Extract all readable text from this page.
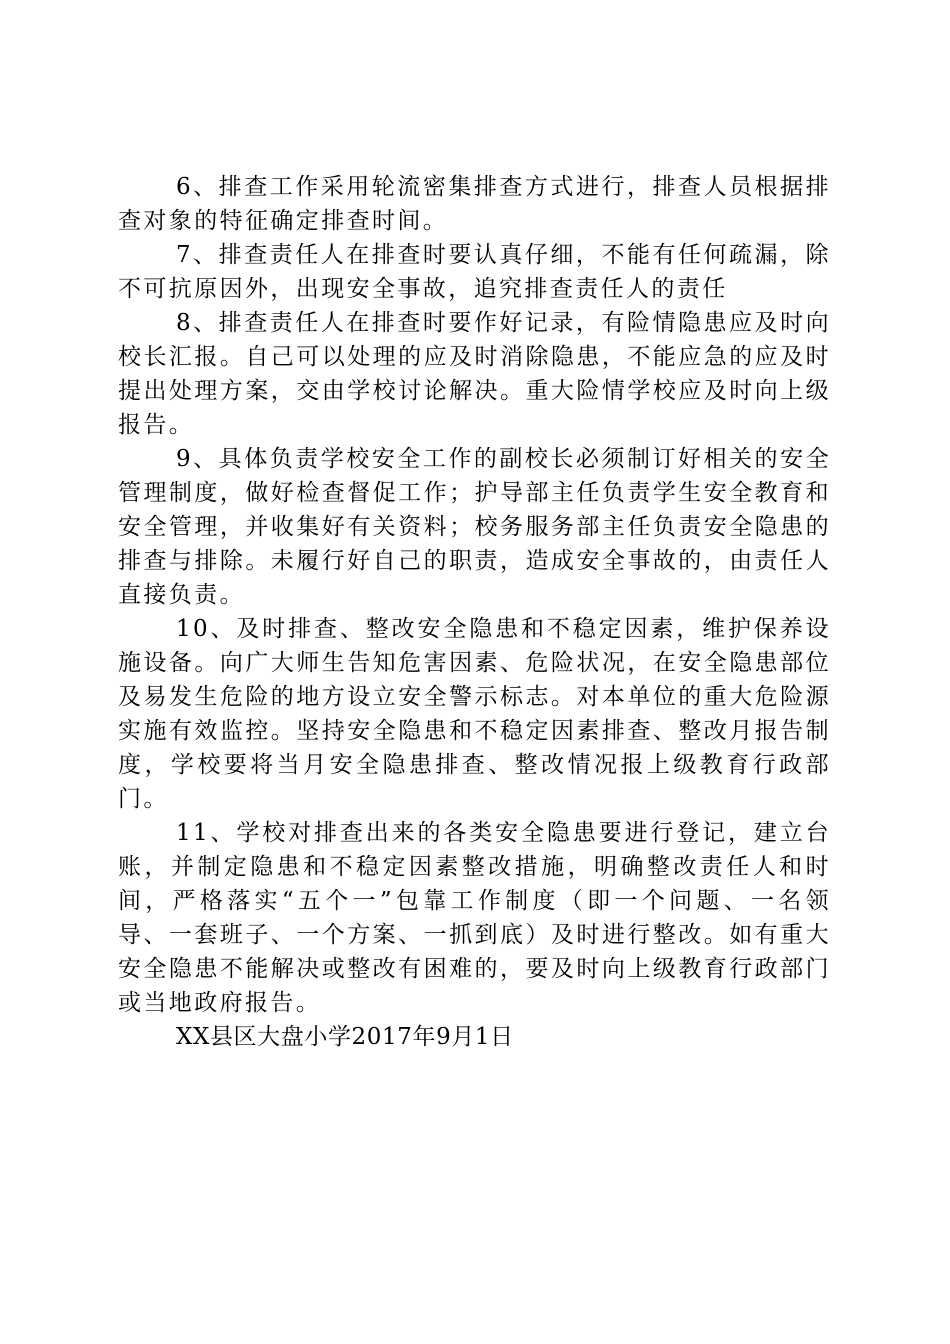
6、排查工作采用轮流密集排查方式进行，排查人员根据排查对象的特征确定排查时间。

7、排查责任人在排查时要认真仔细，不能有任何疏漏，除不可抗原因外，出现安全事故，追究排查责任人的责任

8、排查责任人在排查时要作好记录，有险情隐患应及时向校长汇报。自己可以处理的应及时消除隐患，不能应急的应及时提出处理方案，交由学校讨论解决。重大险情学校应及时向上级报告。

9、具体负责学校安全工作的副校长必须制订好相关的安全管理制度，做好检查督促工作；护导部主任负责学生安全教育和安全管理，并收集好有关资料；校务服务部主任负责安全隐患的排查与排除。未履行好自己的职责，造成安全事故的，由责任人直接负责。

10、及时排查、整改安全隐患和不稳定因素，维护保养设施设备。向广大师生告知危害因素、危险状况，在安全隐患部位及易发生危险的地方设立安全警示标志。对本单位的重大危险源实施有效监控。坚持安全隐患和不稳定因素排查、整改月报告制度，学校要将当月安全隐患排查、整改情况报上级教育行政部门。

11、学校对排查出来的各类安全隐患要进行登记，建立台账，并制定隐患和不稳定因素整改措施，明确整改责任人和时间，严格落实“五个一”包靠工作制度（即一个问题、一名领导、一套班子、一个方案、一抓到底）及时进行整改。如有重大安全隐患不能解决或整改有困难的，要及时向上级教育行政部门或当地政府报告。

XX县区大盘小学2017年9月1日
